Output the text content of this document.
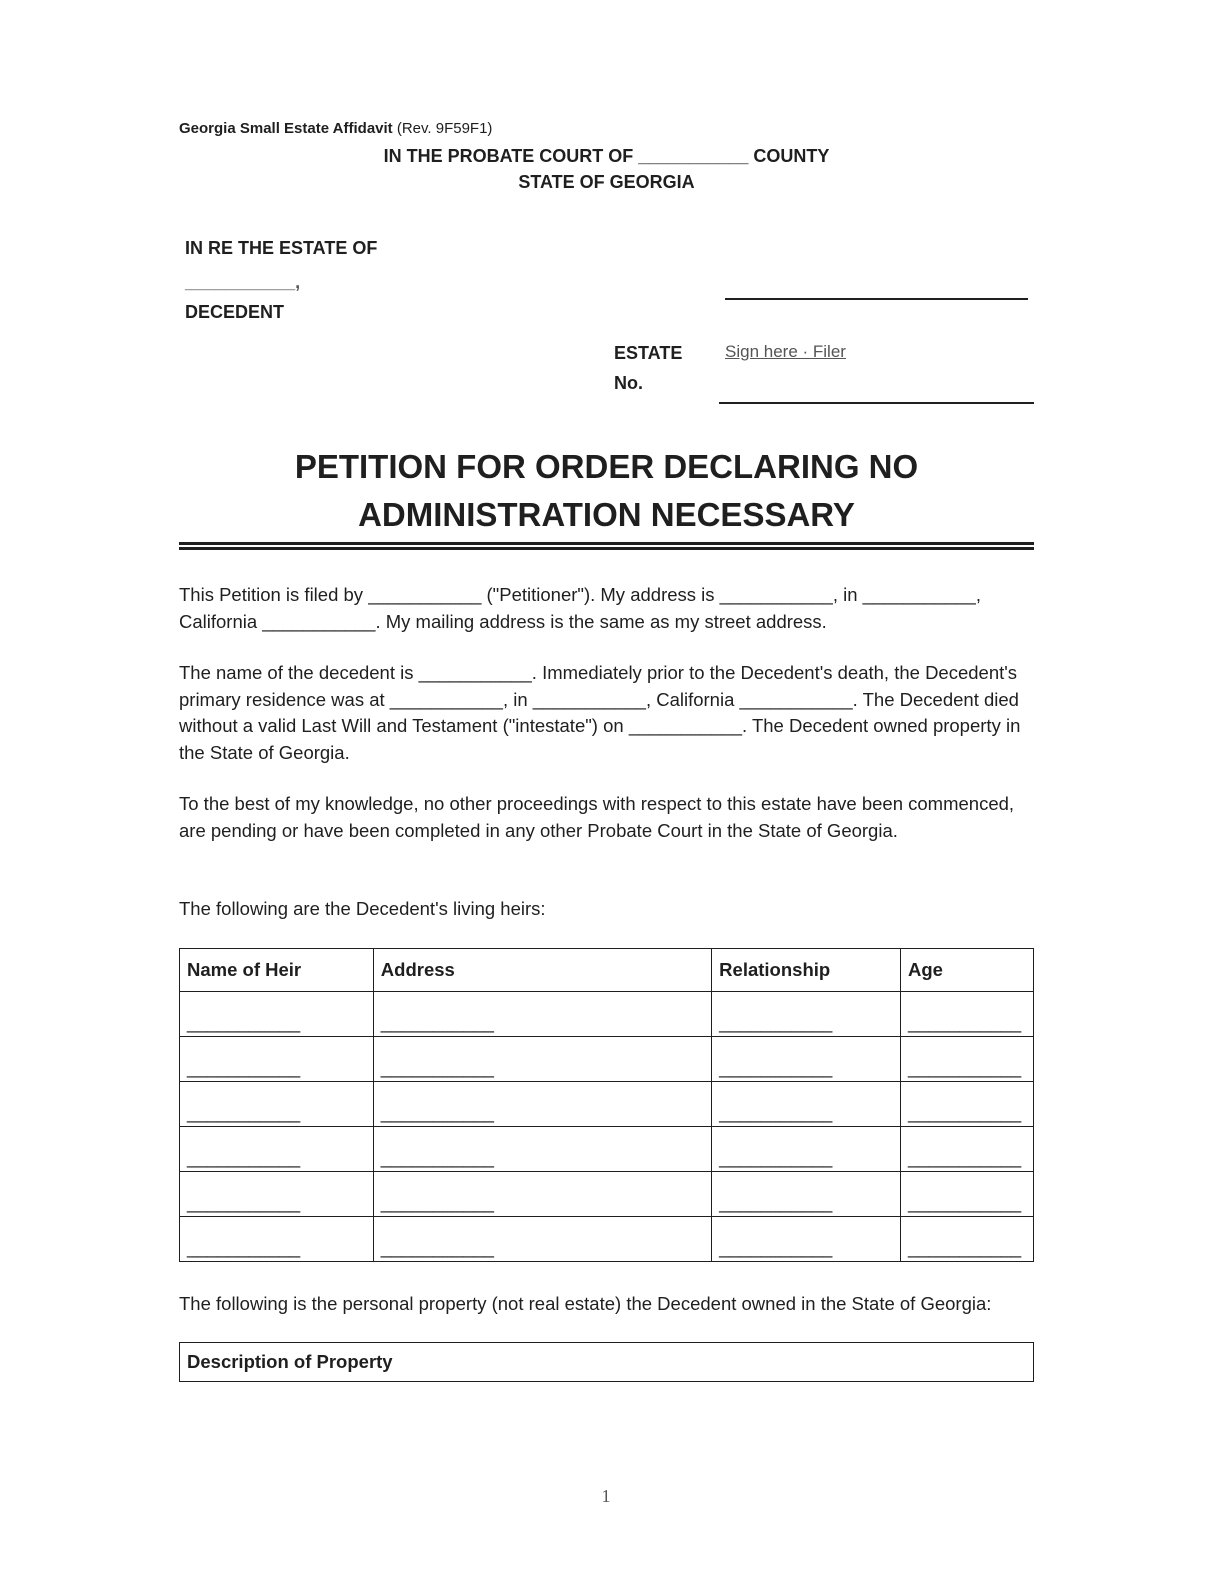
Georgia Small Estate Affidavit (Rev. 9F59F1)
IN THE PROBATE COURT OF ___________ COUNTY
STATE OF GEORGIA
IN RE THE ESTATE OF
___________,
DECEDENT
ESTATE
No.
Sign here · Filer
PETITION FOR ORDER DECLARING NO
ADMINISTRATION NECESSARY
This Petition is filed by ___________ ("Petitioner"). My address is ___________, in ___________, California ___________. My mailing address is the same as my street address.
The name of the decedent is ___________. Immediately prior to the Decedent's death, the Decedent's primary residence was at ___________, in ___________, California ___________. The Decedent died without a valid Last Will and Testament ("intestate") on ___________. The Decedent owned property in the State of Georgia.
To the best of my knowledge, no other proceedings with respect to this estate have been commenced, are pending or have been completed in any other Probate Court in the State of Georgia.
The following are the Decedent's living heirs:
Name of Heir	Address	Relationship	Age
___________	___________	___________	___________
___________	___________	___________	___________
___________	___________	___________	___________
___________	___________	___________	___________
___________	___________	___________	___________
___________	___________	___________	___________
The following is the personal property (not real estate) the Decedent owned in the State of Georgia:
Description of Property
1
